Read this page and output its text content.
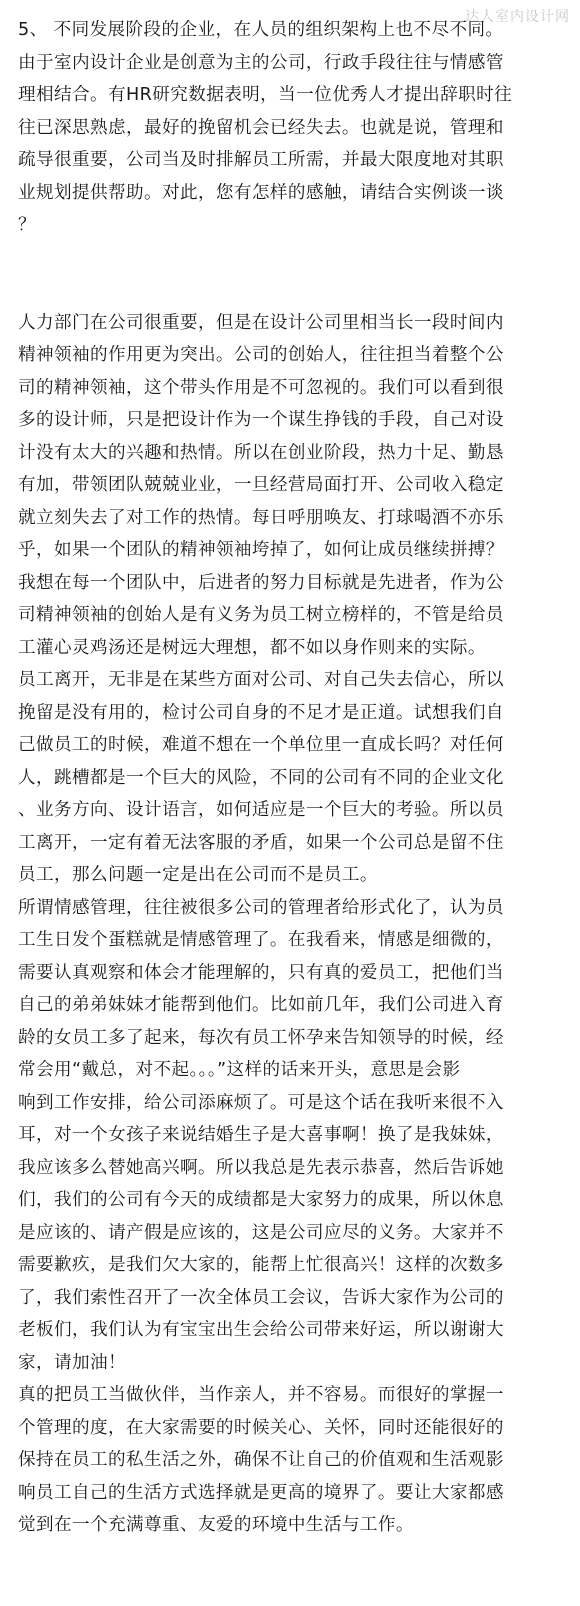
达人室内设计网
5、 不同发展阶段的企业，在人员的组织架构上也不尽不同。
由于室内设计企业是创意为主的公司，行政手段往往与情感管
理相结合。有HR研究数据表明，当一位优秀人才提出辞职时往
往已深思熟虑，最好的挽留机会已经失去。也就是说，管理和
疏导很重要，公司当及时排解员工所需，并最大限度地对其职
业规划提供帮助。对此，您有怎样的感触，请结合实例谈一谈
？
人力部门在公司很重要，但是在设计公司里相当长一段时间内
精神领袖的作用更为突出。公司的创始人，往往担当着整个公
司的精神领袖，这个带头作用是不可忽视的。我们可以看到很
多的设计师，只是把设计作为一个谋生挣钱的手段，自己对设
计没有太大的兴趣和热情。所以在创业阶段，热力十足、勤恳
有加，带领团队兢兢业业，一旦经营局面打开、公司收入稳定
就立刻失去了对工作的热情。每日呼朋唤友、打球喝酒不亦乐
乎，如果一个团队的精神领袖垮掉了，如何让成员继续拼搏？
我想在每一个团队中，后进者的努力目标就是先进者，作为公
司精神领袖的创始人是有义务为员工树立榜样的，不管是给员
工灌心灵鸡汤还是树远大理想，都不如以身作则来的实际。
员工离开，无非是在某些方面对公司、对自己失去信心，所以
挽留是没有用的，检讨公司自身的不足才是正道。试想我们自
己做员工的时候，难道不想在一个单位里一直成长吗？对任何
人，跳槽都是一个巨大的风险，不同的公司有不同的企业文化
、业务方向、设计语言，如何适应是一个巨大的考验。所以员
工离开，一定有着无法客服的矛盾，如果一个公司总是留不住
员工，那么问题一定是出在公司而不是员工。
所谓情感管理，往往被很多公司的管理者给形式化了，认为员
工生日发个蛋糕就是情感管理了。在我看来，情感是细微的，
需要认真观察和体会才能理解的，只有真的爱员工，把他们当
自己的弟弟妹妹才能帮到他们。比如前几年，我们公司进入育
龄的女员工多了起来，每次有员工怀孕来告知领导的时候，经
常会用“戴总，对不起。。。”这样的话来开头，意思是会影
响到工作安排，给公司添麻烦了。可是这个话在我听来很不入
耳，对一个女孩子来说结婚生子是大喜事啊！换了是我妹妹，
我应该多么替她高兴啊。所以我总是先表示恭喜，然后告诉她
们，我们的公司有今天的成绩都是大家努力的成果，所以休息
是应该的、请产假是应该的，这是公司应尽的义务。大家并不
需要歉疚，是我们欠大家的，能帮上忙很高兴！这样的次数多
了，我们索性召开了一次全体员工会议，告诉大家作为公司的
老板们，我们认为有宝宝出生会给公司带来好运，所以谢谢大
家，请加油！
真的把员工当做伙伴，当作亲人，并不容易。而很好的掌握一
个管理的度，在大家需要的时候关心、关怀，同时还能很好的
保持在员工的私生活之外，确保不让自己的价值观和生活观影
响员工自己的生活方式选择就是更高的境界了。要让大家都感
觉到在一个充满尊重、友爱的环境中生活与工作。
